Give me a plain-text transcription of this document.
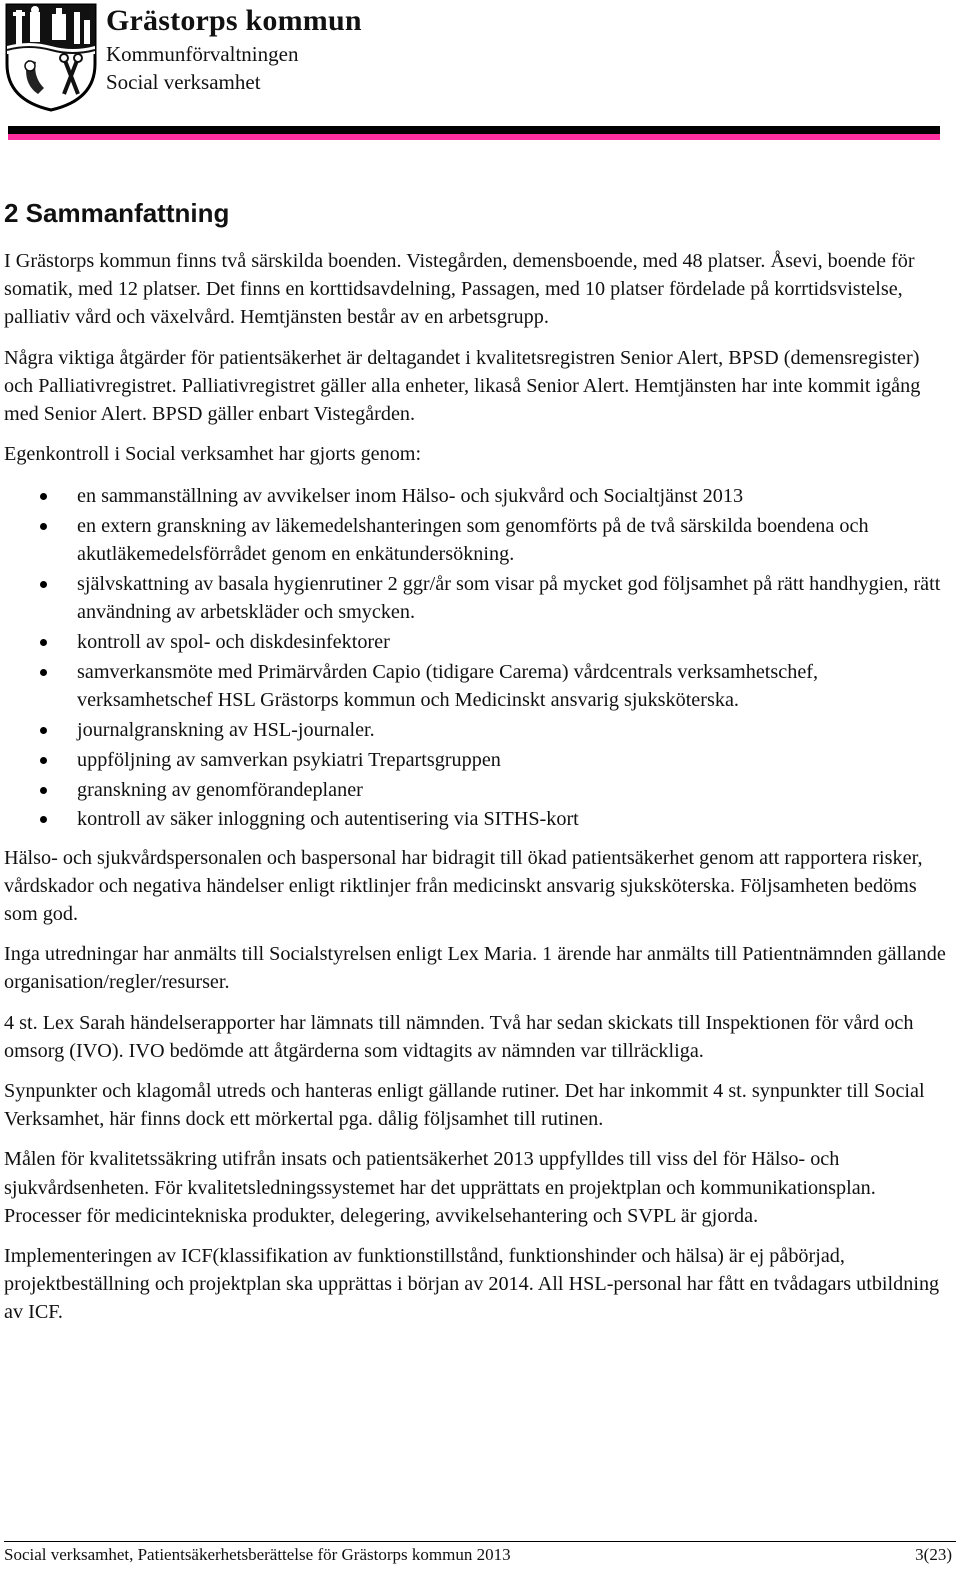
Grästorps kommun
Kommunförvaltningen
Social verksamhet
2 Sammanfattning

I Grästorps kommun finns två särskilda boenden. Vistegården, demensboende, med 48 platser. Åsevi, boende för somatik, med 12 platser. Det finns en korttidsavdelning, Passagen, med 10 platser fördelade på korrtidsvistelse, palliativ vård och växelvård. Hemtjänsten består av en arbetsgrupp.

Några viktiga åtgärder för patientsäkerhet är deltagandet i kvalitetsregistren Senior Alert, BPSD (demensregister) och Palliativregistret. Palliativregistret gäller alla enheter, likaså Senior Alert. Hemtjänsten har inte kommit igång med Senior Alert. BPSD gäller enbart Vistegården.

Egenkontroll i Social verksamhet har gjorts genom:

en sammanställning av avvikelser inom Hälso- och sjukvård och Socialtjänst 2013
en extern granskning av läkemedelshanteringen som genomförts på de två särskilda boendena och akutläkemedelsförrådet genom en enkätundersökning.
självskattning av basala hygienrutiner 2 ggr/år som visar på mycket god följsamhet på rätt handhygien, rätt användning av arbetskläder och smycken.
kontroll av spol- och diskdesinfektorer
samverkansmöte med Primärvården Capio (tidigare Carema) vårdcentrals verksamhetschef, verksamhetschef HSL Grästorps kommun och Medicinskt ansvarig sjuksköterska.
journalgranskning av HSL-journaler.
uppföljning av samverkan psykiatri Trepartsgruppen
granskning av genomförandeplaner
kontroll av säker inloggning och autentisering via SITHS-kort

Hälso- och sjukvårdspersonalen och baspersonal har bidragit till ökad patientsäkerhet genom att rapportera risker, vårdskador och negativa händelser enligt riktlinjer från medicinskt ansvarig sjuksköterska. Följsamheten bedöms som god.

Inga utredningar har anmälts till Socialstyrelsen enligt Lex Maria. 1 ärende har anmälts till Patientnämnden gällande organisation/regler/resurser.

4 st. Lex Sarah händelserapporter har lämnats till nämnden. Två har sedan skickats till Inspektionen för vård och omsorg (IVO). IVO bedömde att åtgärderna som vidtagits av nämnden var tillräckliga.

Synpunkter och klagomål utreds och hanteras enligt gällande rutiner. Det har inkommit 4 st. synpunkter till Social Verksamhet, här finns dock ett mörkertal pga. dålig följsamhet till rutinen.

Målen för kvalitetssäkring utifrån insats och patientsäkerhet 2013 uppfylldes till viss del för Hälso- och sjukvårdsenheten. För kvalitetsledningssystemet har det upprättats en projektplan och kommunikationsplan. Processer för medicintekniska produkter, delegering, avvikelsehantering och SVPL är gjorda.

Implementeringen av ICF(klassifikation av funktionstillstånd, funktionshinder och hälsa) är ej påbörjad, projektbeställning och projektplan ska upprättas i början av 2014. All HSL-personal har fått en tvådagars utbildning av ICF.

Social verksamhet, Patientsäkerhetsberättelse för Grästorps kommun 2013	3(23)
